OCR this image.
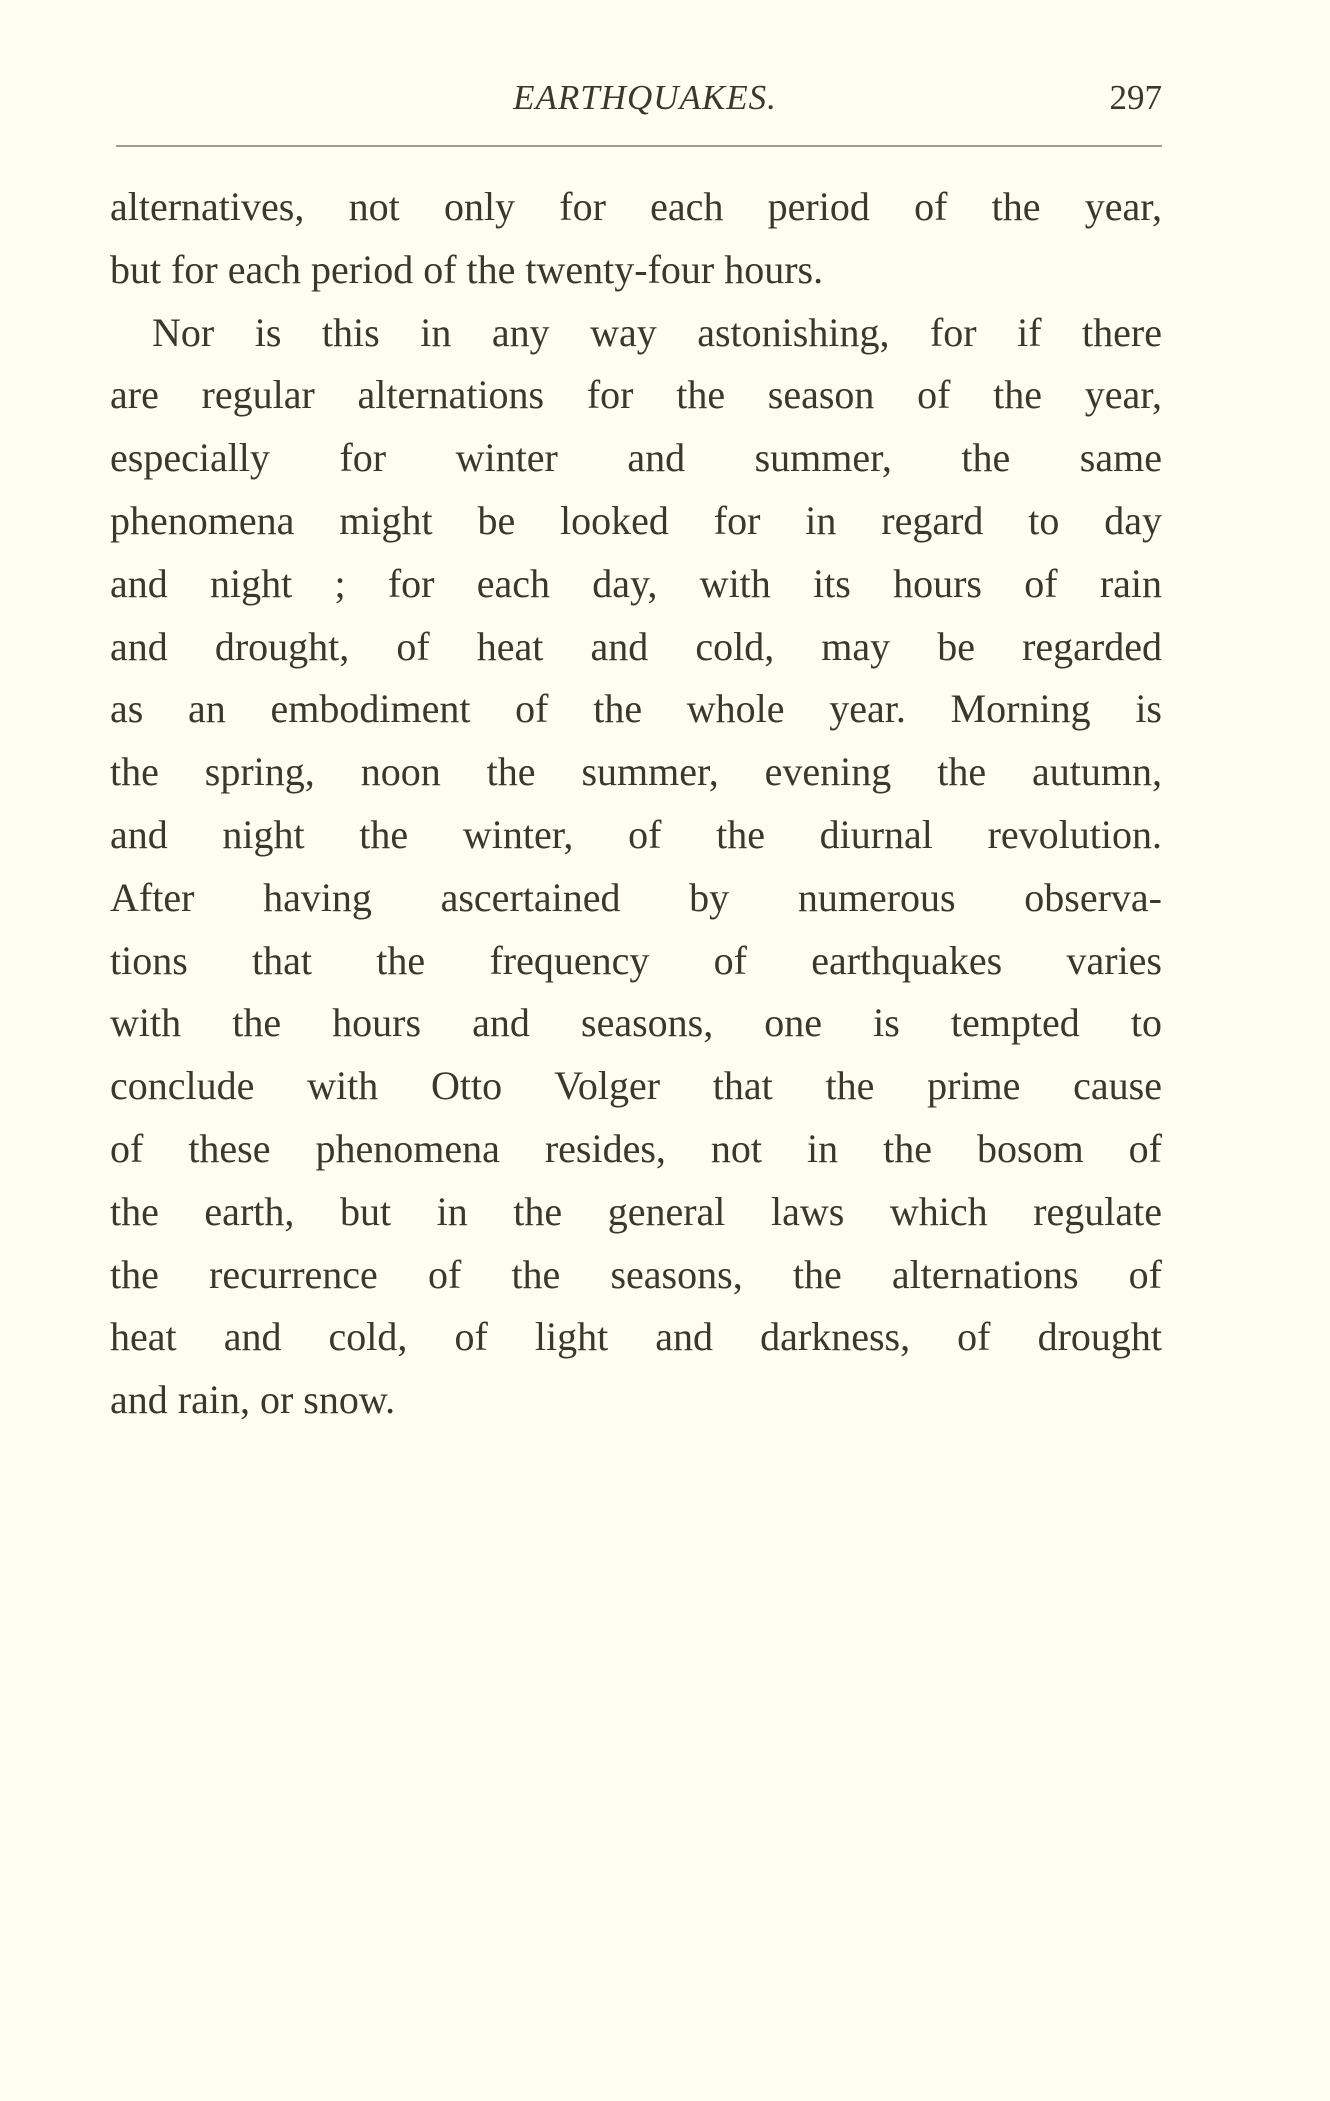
EARTHQUAKES.	297
alternatives, not only for each period of the year,
but for each period of the twenty-four hours.
Nor is this in any way astonishing, for if there
are regular alternations for the season of the year,
especially for winter and summer, the same
phenomena might be looked for in regard to day
and night ; for each day, with its hours of rain
and drought, of heat and cold, may be regarded
as an embodiment of the whole year. Morning is
the spring, noon the summer, evening the autumn,
and night the winter, of the diurnal revolution.
After having ascertained by numerous observa-
tions that the frequency of earthquakes varies
with the hours and seasons, one is tempted to
conclude with Otto Volger that the prime cause
of these phenomena resides, not in the bosom of
the earth, but in the general laws which regulate
the recurrence of the seasons, the alternations of
heat and cold, of light and darkness, of drought
and rain, or snow.
